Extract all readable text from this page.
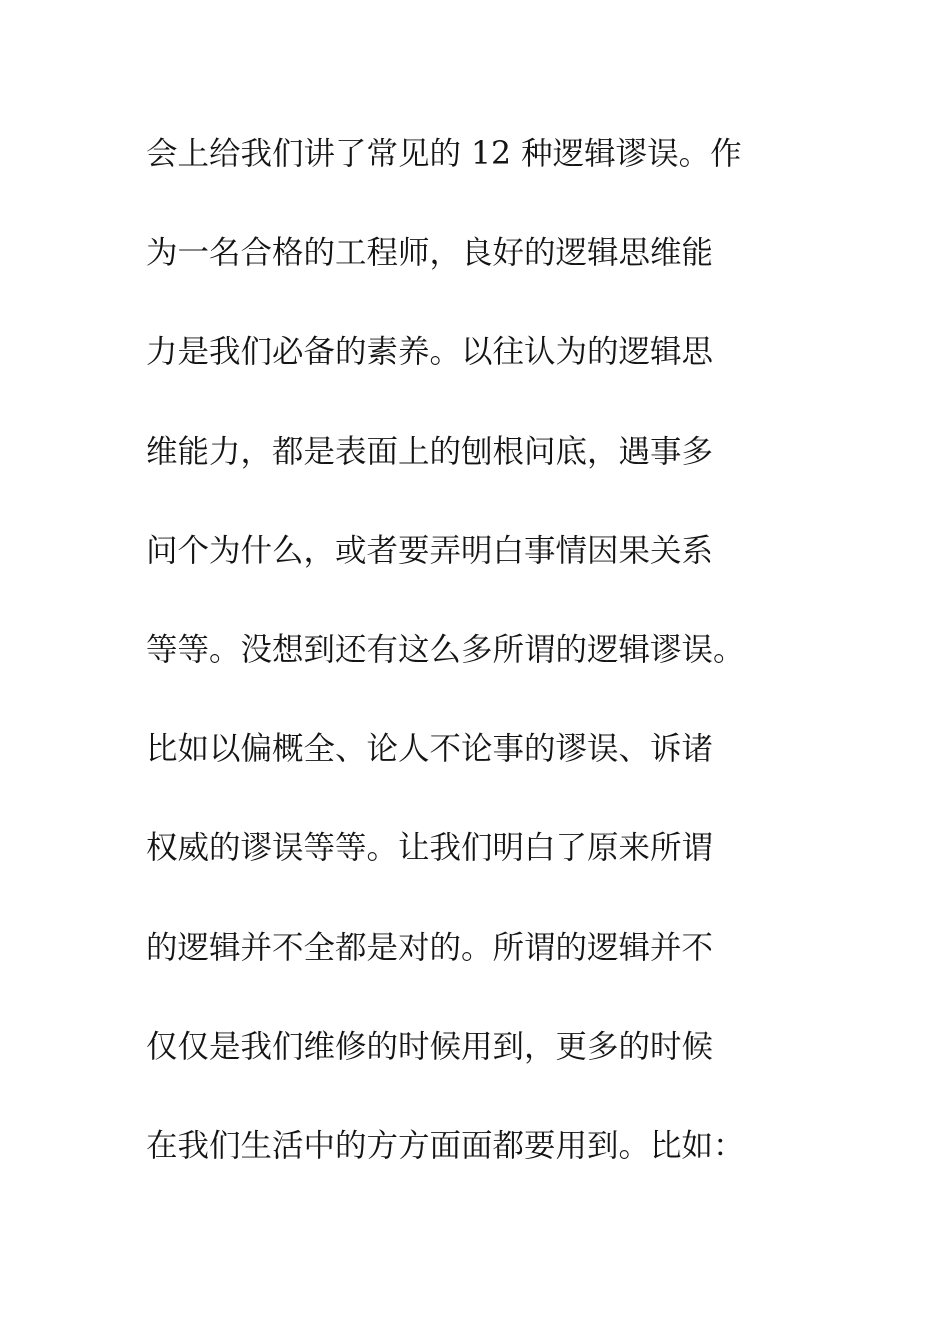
会上给我们讲了常见的 12 种逻辑谬误。作
为一名合格的工程师，良好的逻辑思维能
力是我们必备的素养。以往认为的逻辑思
维能力，都是表面上的刨根问底，遇事多
问个为什么，或者要弄明白事情因果关系
等等。没想到还有这么多所谓的逻辑谬误。
比如以偏概全、论人不论事的谬误、诉诸
权威的谬误等等。让我们明白了原来所谓
的逻辑并不全都是对的。所谓的逻辑并不
仅仅是我们维修的时候用到，更多的时候
在我们生活中的方方面面都要用到。比如：
